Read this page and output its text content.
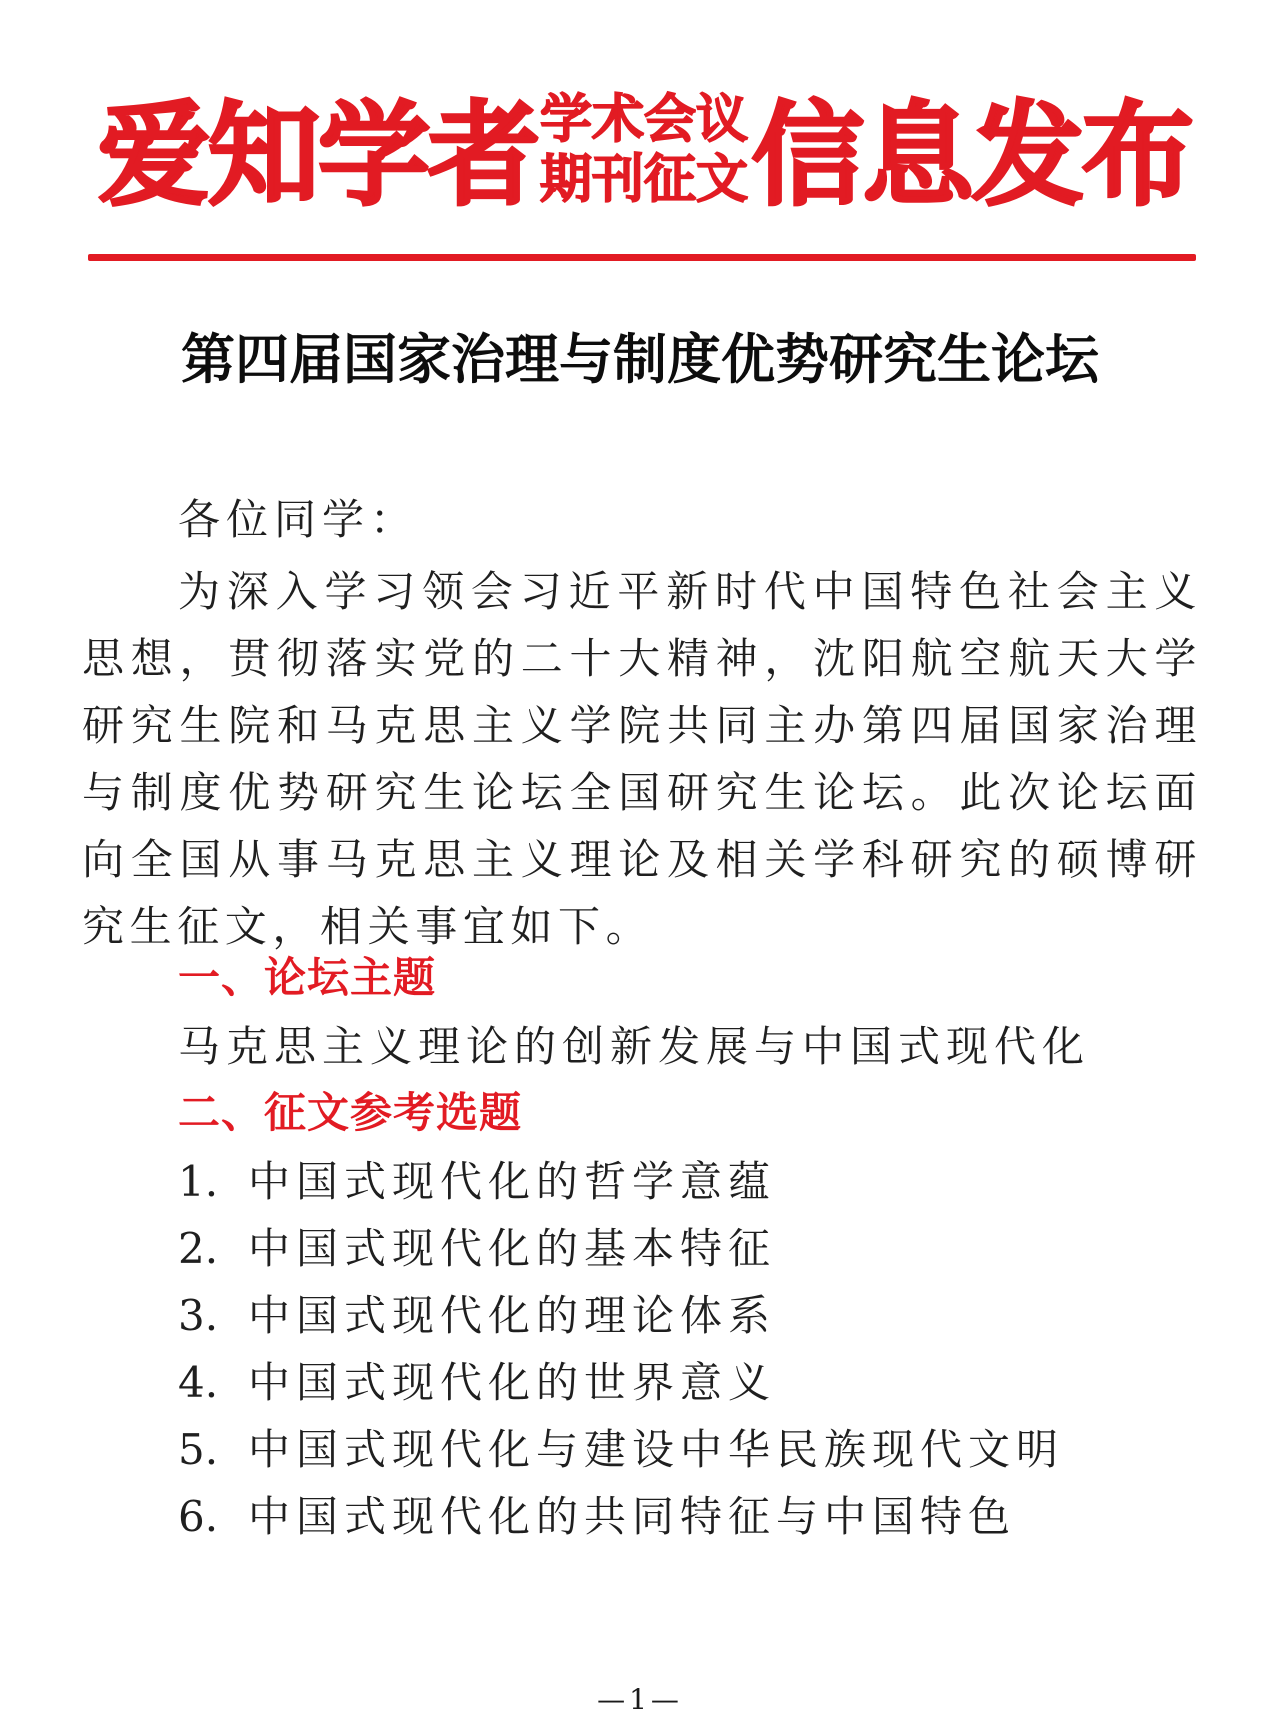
爱知学者 学术会议
期刊征文 信息发布
第四届国家治理与制度优势研究生论坛
各位同学：
为深入学习领会习近平新时代中国特色社会主义思想，贯彻落实党的二十大精神，沈阳航空航天大学研究生院和马克思主义学院共同主办第四届国家治理与制度优势研究生论坛全国研究生论坛。此次论坛面向全国从事马克思主义理论及相关学科研究的硕博研究生征文，相关事宜如下。
一、论坛主题
马克思主义理论的创新发展与中国式现代化
二、征文参考选题
1. 中国式现代化的哲学意蕴
2. 中国式现代化的基本特征
3. 中国式现代化的理论体系
4. 中国式现代化的世界意义
5. 中国式现代化与建设中华民族现代文明
6. 中国式现代化的共同特征与中国特色
—1—
